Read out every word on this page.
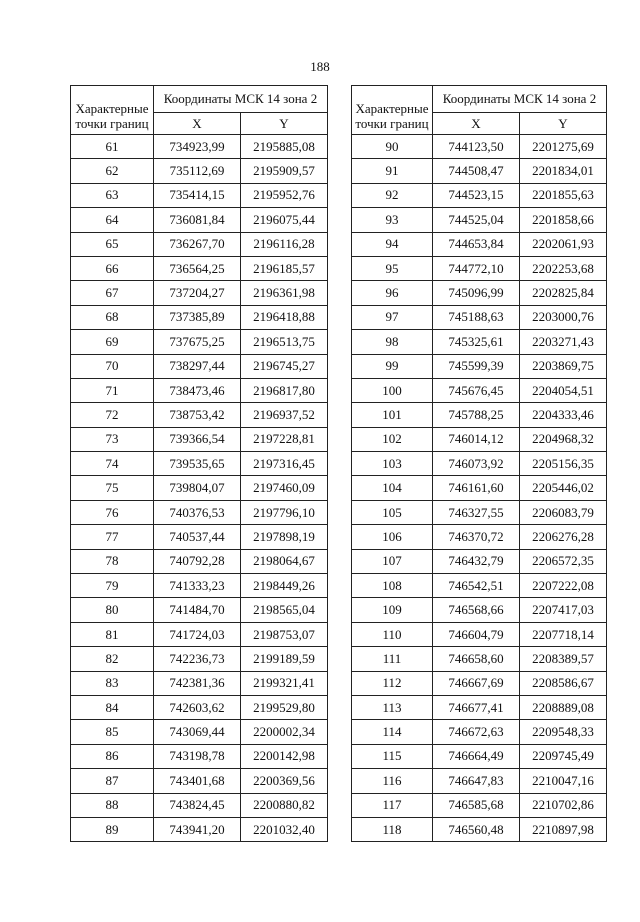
188
Характерные
точки границ	Координаты МСК 14 зона 2	
	X	Y
61	734923,99	2195885,08
62	735112,69	2195909,57
63	735414,15	2195952,76
64	736081,84	2196075,44
65	736267,70	2196116,28
66	736564,25	2196185,57
67	737204,27	2196361,98
68	737385,89	2196418,88
69	737675,25	2196513,75
70	738297,44	2196745,27
71	738473,46	2196817,80
72	738753,42	2196937,52
73	739366,54	2197228,81
74	739535,65	2197316,45
75	739804,07	2197460,09
76	740376,53	2197796,10
77	740537,44	2197898,19
78	740792,28	2198064,67
79	741333,23	2198449,26
80	741484,70	2198565,04
81	741724,03	2198753,07
82	742236,73	2199189,59
83	742381,36	2199321,41
84	742603,62	2199529,80
85	743069,44	2200002,34
86	743198,78	2200142,98
87	743401,68	2200369,56
88	743824,45	2200880,82
89	743941,20	2201032,40
Характерные
точки границ	Координаты МСК 14 зона 2	
	X	Y
90	744123,50	2201275,69
91	744508,47	2201834,01
92	744523,15	2201855,63
93	744525,04	2201858,66
94	744653,84	2202061,93
95	744772,10	2202253,68
96	745096,99	2202825,84
97	745188,63	2203000,76
98	745325,61	2203271,43
99	745599,39	2203869,75
100	745676,45	2204054,51
101	745788,25	2204333,46
102	746014,12	2204968,32
103	746073,92	2205156,35
104	746161,60	2205446,02
105	746327,55	2206083,79
106	746370,72	2206276,28
107	746432,79	2206572,35
108	746542,51	2207222,08
109	746568,66	2207417,03
110	746604,79	2207718,14
111	746658,60	2208389,57
112	746667,69	2208586,67
113	746677,41	2208889,08
114	746672,63	2209548,33
115	746664,49	2209745,49
116	746647,83	2210047,16
117	746585,68	2210702,86
118	746560,48	2210897,98
